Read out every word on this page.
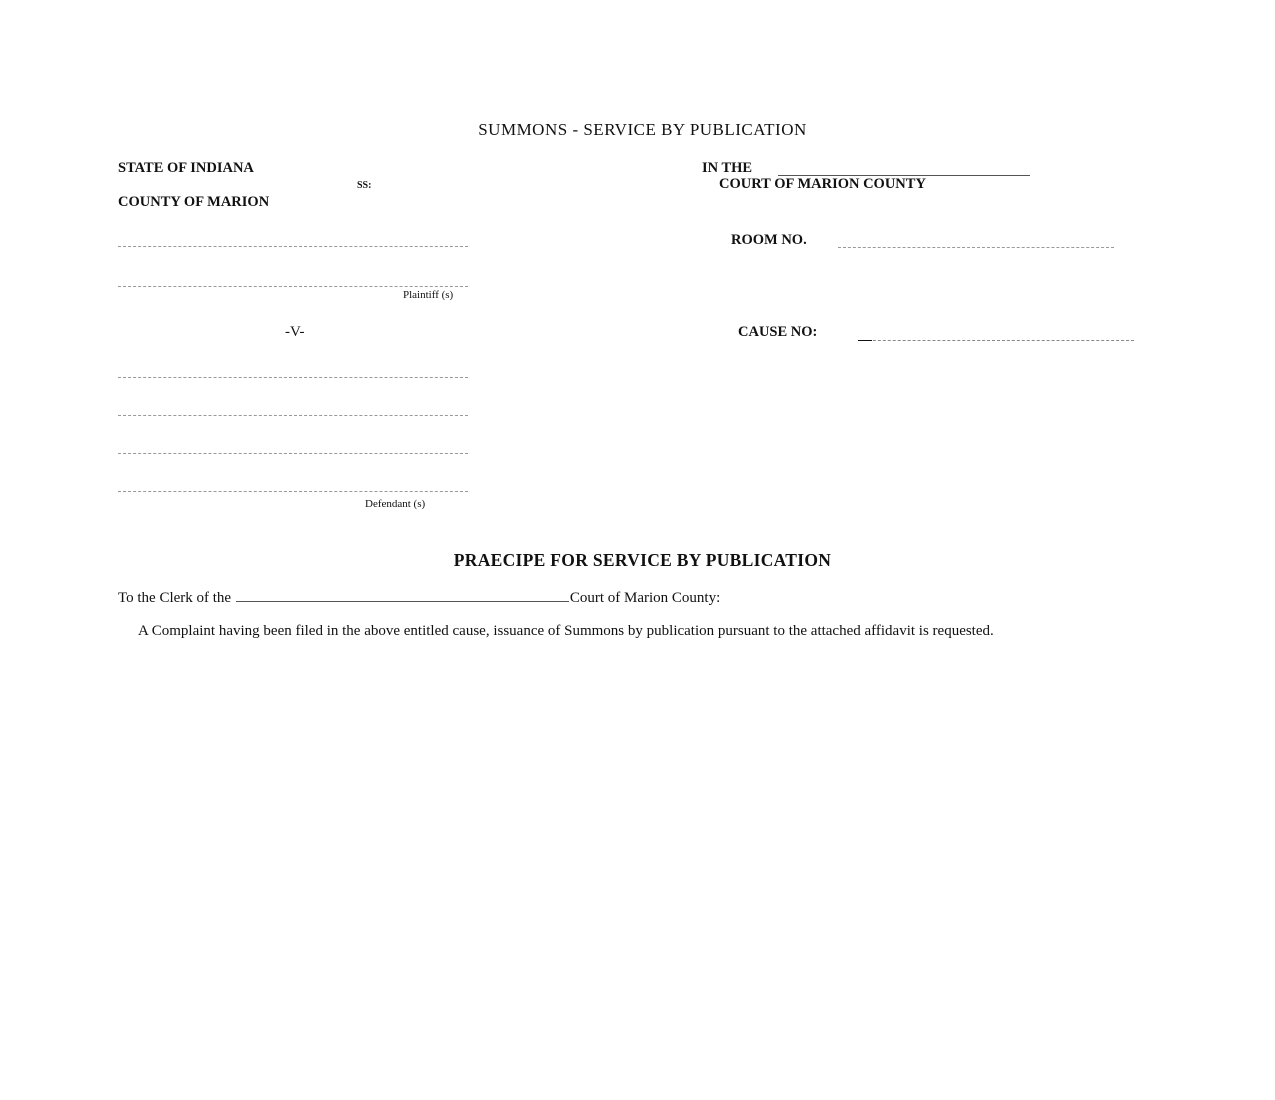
SUMMONS - SERVICE BY PUBLICATION
STATE OF INDIANA
SS:
COUNTY OF MARION
IN THE
COURT OF MARION COUNTY
ROOM NO.
CAUSE NO:
Plaintiff (s)
-V-
Defendant (s)
PRAECIPE FOR SERVICE BY PUBLICATION
To the Clerk of the	Court of Marion County:
A Complaint having been filed in the above entitled cause, issuance of Summons by publication pursuant to the attached affidavit is requested.
